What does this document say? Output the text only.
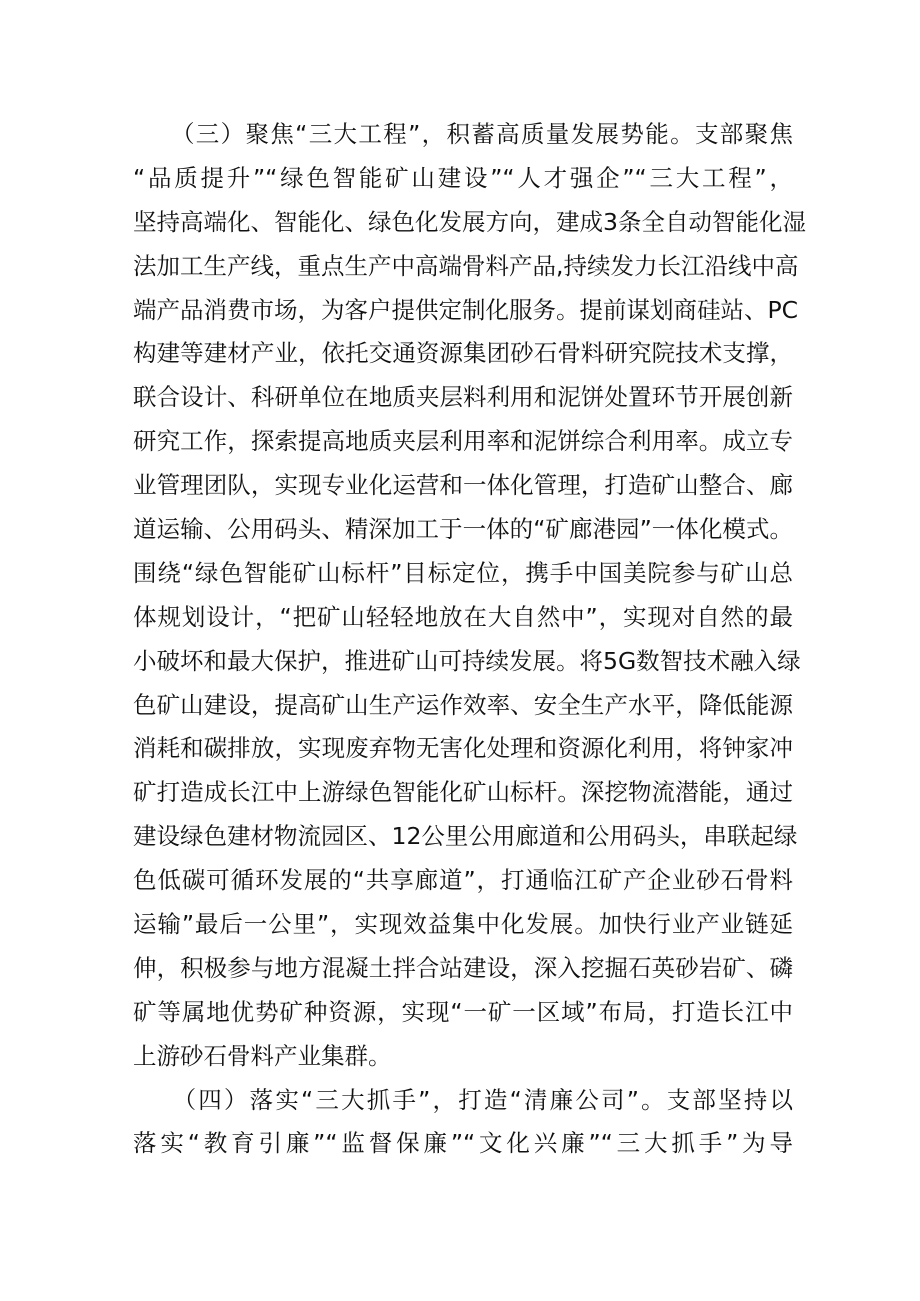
　　（三）聚焦“三大工程”，积蓄高质量发展势能。支部聚焦
“品质提升”“绿色智能矿山建设”“人才强企”“三大工程”，
坚持高端化、智能化、绿色化发展方向，建成3条全自动智能化湿
法加工生产线，重点生产中高端骨料产品,持续发力长江沿线中高
端产品消费市场，为客户提供定制化服务。提前谋划商硅站、PC
构建等建材产业，依托交通资源集团砂石骨料研究院技术支撑，
联合设计、科研单位在地质夹层料利用和泥饼处置环节开展创新
研究工作，探索提高地质夹层利用率和泥饼综合利用率。成立专
业管理团队，实现专业化运营和一体化管理，打造矿山整合、廊
道运输、公用码头、精深加工于一体的“矿廊港园”一体化模式。
围绕“绿色智能矿山标杆”目标定位，携手中国美院参与矿山总
体规划设计，“把矿山轻轻地放在大自然中”，实现对自然的最
小破坏和最大保护，推进矿山可持续发展。将5G数智技术融入绿
色矿山建设，提高矿山生产运作效率、安全生产水平，降低能源
消耗和碳排放，实现废弃物无害化处理和资源化利用，将钟家冲
矿打造成长江中上游绿色智能化矿山标杆。深挖物流潜能，通过
建设绿色建材物流园区、12公里公用廊道和公用码头，串联起绿
色低碳可循环发展的“共享廊道”，打通临江矿产企业砂石骨料
运输”最后一公里”，实现效益集中化发展。加快行业产业链延
伸，积极参与地方混凝土拌合站建设，深入挖掘石英砂岩矿、磷
矿等属地优势矿种资源，实现“一矿一区域”布局，打造长江中
上游砂石骨料产业集群。
　　（四）落实“三大抓手”，打造“清廉公司”。支部坚持以
落实“教育引廉”“监督保廉”“文化兴廉”“三大抓手”为导
